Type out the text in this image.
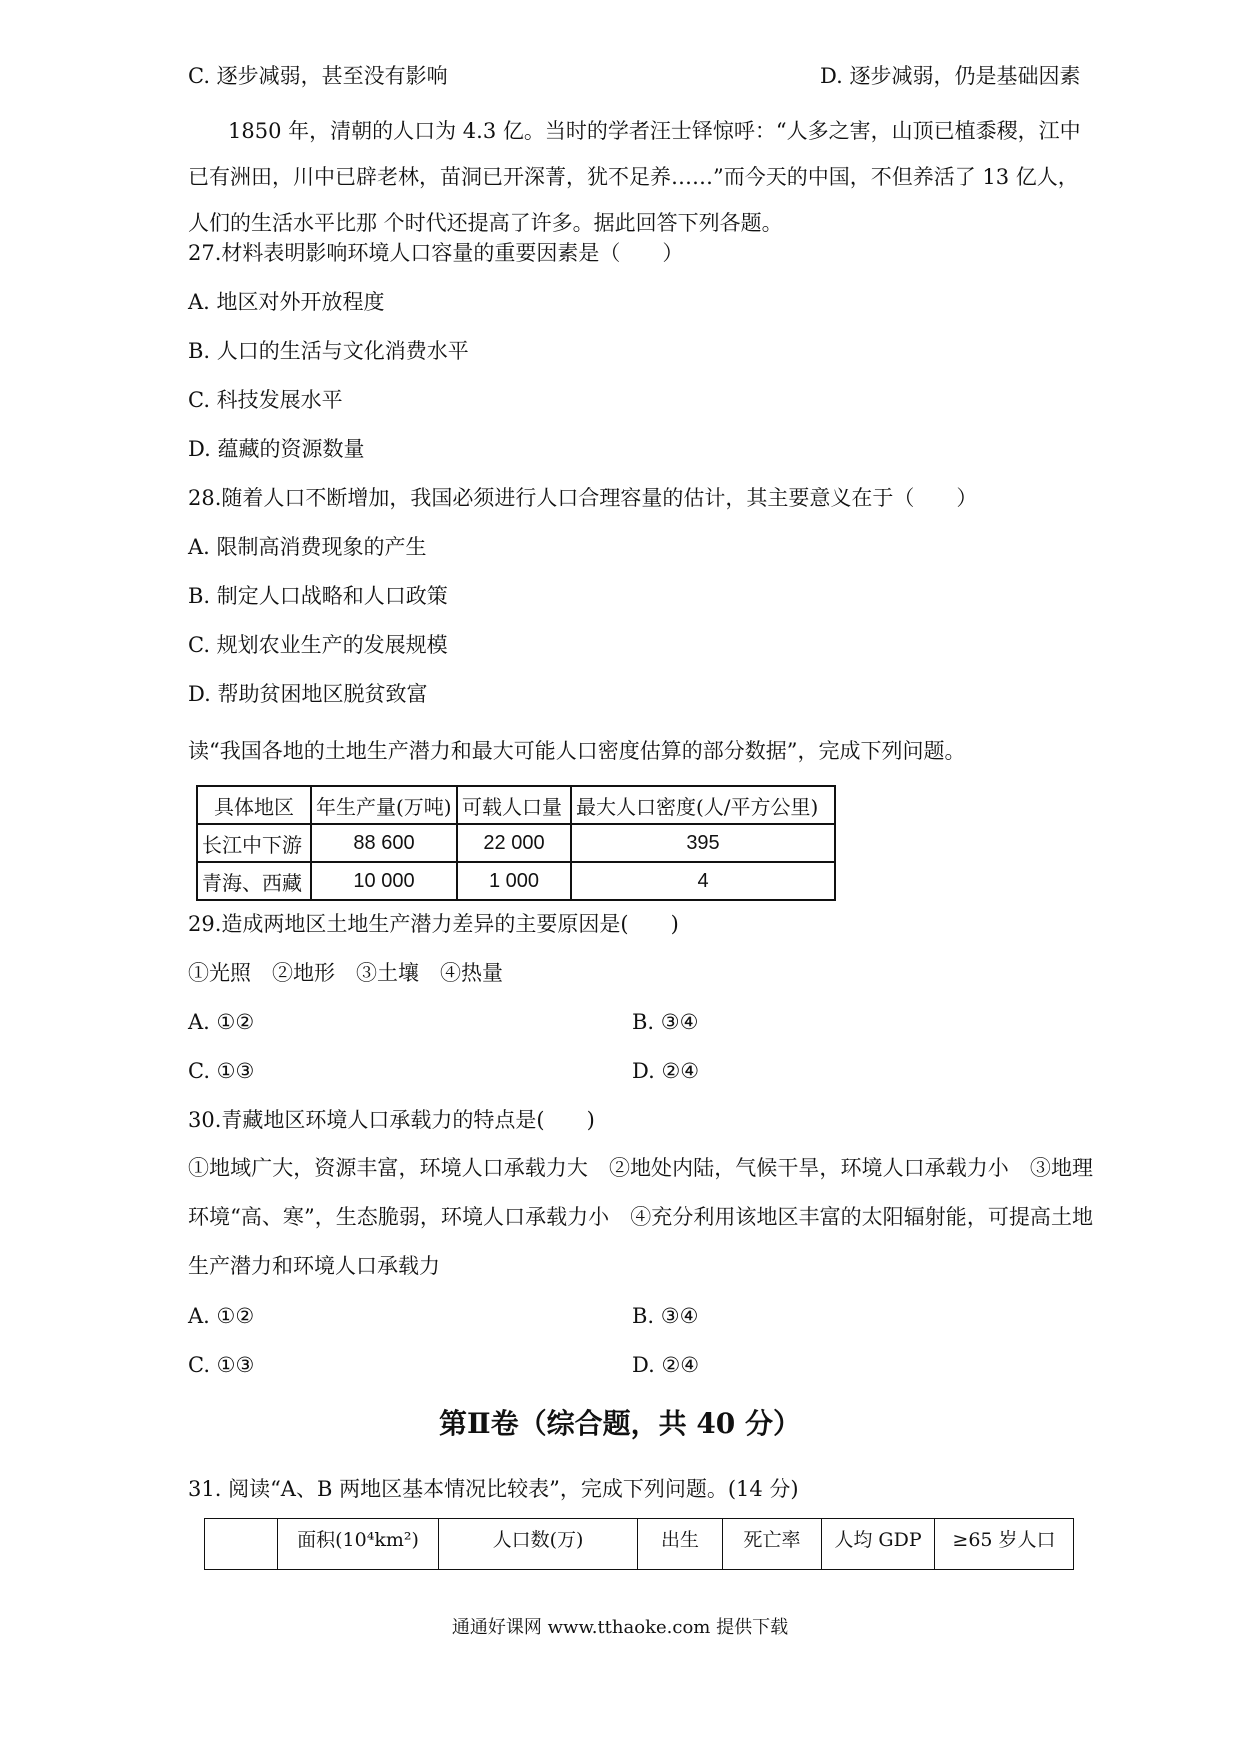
C. 逐步减弱，甚至没有影响	D. 逐步减弱，仍是基础因素
1850 年，清朝的人口为 4.3 亿。当时的学者汪士铎惊呼：“人多之害，山顶已植黍稷，江中已有洲田，川中已辟老林，苗洞已开深菁，犹不足养……”而今天的中国，不但养活了 13 亿人，人们的生活水平比那 个时代还提高了许多。据此回答下列各题。
27.材料表明影响环境人口容量的重要因素是（　　）
A. 地区对外开放程度
B. 人口的生活与文化消费水平
C. 科技发展水平
D. 蕴藏的资源数量
28.随着人口不断增加，我国必须进行人口合理容量的估计，其主要意义在于（　　）
A. 限制高消费现象的产生
B. 制定人口战略和人口政策
C. 规划农业生产的发展规模
D. 帮助贫困地区脱贫致富
读“我国各地的土地生产潜力和最大可能人口密度估算的部分数据”，完成下列问题。
具体地区	年生产量(万吨)	可载人口量	最大人口密度(人/平方公里)
长江中下游	88 600	22 000	395
青海、西藏	10 000	1 000	4
29.造成两地区土地生产潜力差异的主要原因是(　　)
①光照　②地形　③土壤　④热量
A. ①②	B. ③④
C. ①③	D. ②④
30.青藏地区环境人口承载力的特点是(　　)
①地域广大，资源丰富，环境人口承载力大　②地处内陆，气候干旱，环境人口承载力小　③地理环境“高、寒”，生态脆弱，环境人口承载力小　④充分利用该地区丰富的太阳辐射能，可提高土地生产潜力和环境人口承载力
A. ①②	B. ③④
C. ①③	D. ②④
第Ⅱ卷（综合题，共 40 分）
31. 阅读“A、B 两地区基本情况比较表”，完成下列问题。(14 分)
	面积(10⁴km²)	人口数(万)	出生	死亡率	人均 GDP	≥65 岁人口
通通好课网 www.tthaoke.com 提供下载
